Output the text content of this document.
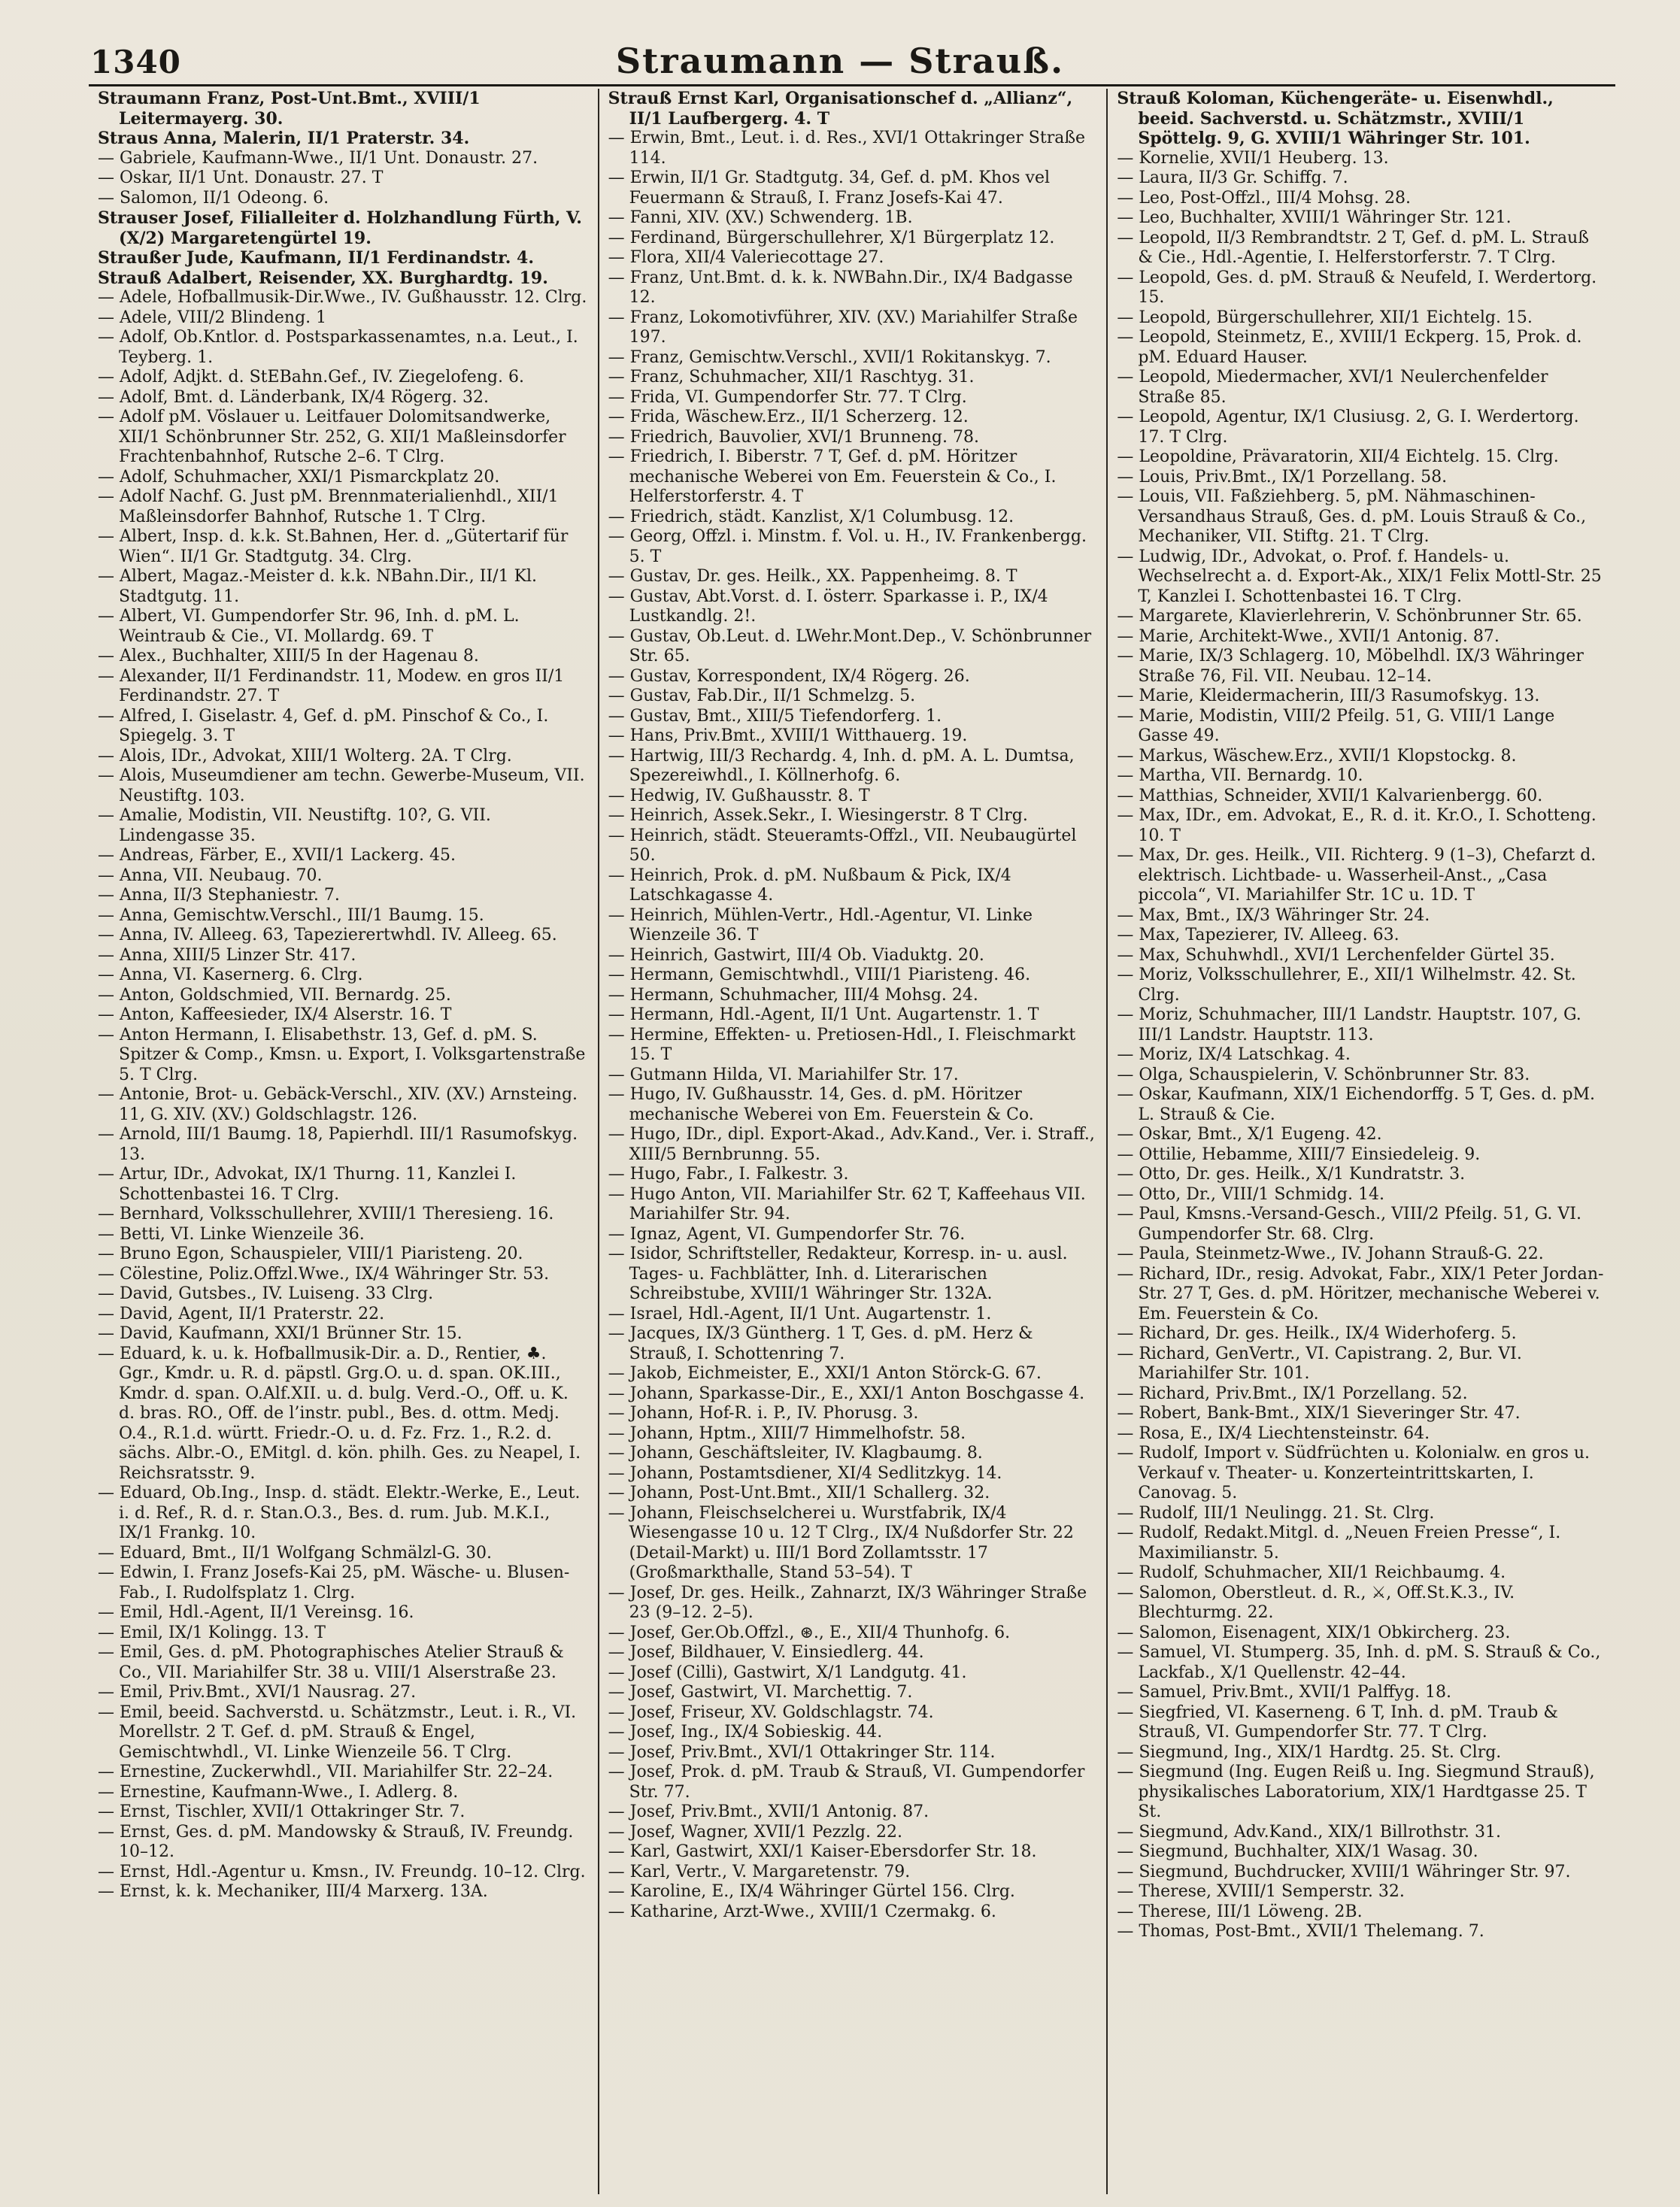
1340	Straumann — Strauß.

Straumann Franz, Post-Unt.Bmt., XVIII/1 Leitermayerg. 30.

Straus Anna, Malerin, II/1 Praterstr. 34.

— Gabriele, Kaufmann-Wwe., II/1 Unt. Donaustr. 27.

— Oskar, II/1 Unt. Donaustr. 27. T

— Salomon, II/1 Odeong. 6.

Strauser Josef, Filialleiter d. Holzhandlung Fürth, V. (X/2) Margaretengürtel 19.

Straußer Jude, Kaufmann, II/1 Ferdinandstr. 4.

Strauß Adalbert, Reisender, XX. Burghardtg. 19.

— Adele, Hofballmusik-Dir.Wwe., IV. Gußhausstr. 12. Clrg.

— Adele, VIII/2 Blindeng. 1

— Adolf, Ob.Kntlor. d. Postsparkassenamtes, n.a. Leut., I. Teyberg. 1.

— Adolf, Adjkt. d. StEBahn.Gef., IV. Ziegelofeng. 6.

— Adolf, Bmt. d. Länderbank, IX/4 Rögerg. 32.

— Adolf pM. Vöslauer u. Leitfauer Dolomitsandwerke, XII/1 Schönbrunner Str. 252, G. XII/1 Maßleinsdorfer Frachtenbahnhof, Rutsche 2–6. T Clrg.

— Adolf, Schuhmacher, XXI/1 Pismarckplatz 20.

— Adolf Nachf. G. Just pM. Brennmaterialienhdl., XII/1 Maßleinsdorfer Bahnhof, Rutsche 1. T Clrg.

— Albert, Insp. d. k.k. St.Bahnen, Her. d. „Gütertarif für Wien“. II/1 Gr. Stadtgutg. 34. Clrg.

— Albert, Magaz.-Meister d. k.k. NBahn.Dir., II/1 Kl. Stadtgutg. 11.

— Albert, VI. Gumpendorfer Str. 96, Inh. d. pM. L. Weintraub & Cie., VI. Mollardg. 69. T

— Alex., Buchhalter, XIII/5 In der Hagenau 8.

— Alexander, II/1 Ferdinandstr. 11, Modew. en gros II/1 Ferdinandstr. 27. T

— Alfred, I. Giselastr. 4, Gef. d. pM. Pinschof & Co., I. Spiegelg. 3. T

— Alois, IDr., Advokat, XIII/1 Wolterg. 2A. T Clrg.

— Alois, Museumdiener am techn. Gewerbe-Museum, VII. Neustiftg. 103.

— Amalie, Modistin, VII. Neustiftg. 10?, G. VII. Lindengasse 35.

— Andreas, Färber, E., XVII/1 Lackerg. 45.

— Anna, VII. Neubaug. 70.

— Anna, II/3 Stephaniestr. 7.

— Anna, Gemischtw.Verschl., III/1 Baumg. 15.

— Anna, IV. Alleeg. 63, Tapezierertwhdl. IV. Alleeg. 65.

— Anna, XIII/5 Linzer Str. 417.

— Anna, VI. Kasernerg. 6. Clrg.

— Anton, Goldschmied, VII. Bernardg. 25.

— Anton, Kaffeesieder, IX/4 Alserstr. 16. T

— Anton Hermann, I. Elisabethstr. 13, Gef. d. pM. S. Spitzer & Comp., Kmsn. u. Export, I. Volksgartenstraße 5. T Clrg.

— Antonie, Brot- u. Gebäck-Verschl., XIV. (XV.) Arnsteing. 11, G. XIV. (XV.) Goldschlagstr. 126.

— Arnold, III/1 Baumg. 18, Papierhdl. III/1 Rasumofskyg. 13.

— Artur, IDr., Advokat, IX/1 Thurng. 11, Kanzlei I. Schottenbastei 16. T Clrg.

— Bernhard, Volksschullehrer, XVIII/1 Theresieng. 16.

— Betti, VI. Linke Wienzeile 36.

— Bruno Egon, Schauspieler, VIII/1 Piaristeng. 20.

— Cölestine, Poliz.Offzl.Wwe., IX/4 Währinger Str. 53.

— David, Gutsbes., IV. Luiseng. 33 Clrg.

— David, Agent, II/1 Praterstr. 22.

— David, Kaufmann, XXI/1 Brünner Str. 15.

— Eduard, k. u. k. Hofballmusik-Dir. a. D., Rentier, ♣. Ggr., Kmdr. u. R. d. päpstl. Grg.O. u. d. span. OK.III., Kmdr. d. span. O.Alf.XII. u. d. bulg. Verd.-O., Off. u. K. d. bras. RO., Off. de l’instr. publ., Bes. d. ottm. Medj. O.4., R.1.d. württ. Friedr.-O. u. d. Fz. Frz. 1., R.2. d. sächs. Albr.-O., EMitgl. d. kön. philh. Ges. zu Neapel, I. Reichsratsstr. 9.

— Eduard, Ob.Ing., Insp. d. städt. Elektr.-Werke, E., Leut. i. d. Ref., R. d. r. Stan.O.3., Bes. d. rum. Jub. M.K.I., IX/1 Frankg. 10.

— Eduard, Bmt., II/1 Wolfgang Schmälzl-G. 30.

— Edwin, I. Franz Josefs-Kai 25, pM. Wäsche- u. Blusen-Fab., I. Rudolfsplatz 1. Clrg.

— Emil, Hdl.-Agent, II/1 Vereinsg. 16.

— Emil, IX/1 Kolingg. 13. T

— Emil, Ges. d. pM. Photographisches Atelier Strauß & Co., VII. Mariahilfer Str. 38 u. VIII/1 Alserstraße 23.

— Emil, Priv.Bmt., XVI/1 Nausrag. 27.

— Emil, beeid. Sachverstd. u. Schätzmstr., Leut. i. R., VI. Morellstr. 2 T. Gef. d. pM. Strauß & Engel, Gemischtwhdl., VI. Linke Wienzeile 56. T Clrg.

— Ernestine, Zuckerwhdl., VII. Mariahilfer Str. 22–24.

— Ernestine, Kaufmann-Wwe., I. Adlerg. 8.

— Ernst, Tischler, XVII/1 Ottakringer Str. 7.

— Ernst, Ges. d. pM. Mandowsky & Strauß, IV. Freundg. 10–12.

— Ernst, Hdl.-Agentur u. Kmsn., IV. Freundg. 10–12. Clrg.

— Ernst, k. k. Mechaniker, III/4 Marxerg. 13A.

Strauß Ernst Karl, Organisationschef d. „Allianz“, II/1 Laufbergerg. 4. T

— Erwin, Bmt., Leut. i. d. Res., XVI/1 Ottakringer Straße 114.

— Erwin, II/1 Gr. Stadtgutg. 34, Gef. d. pM. Khos vel Feuermann & Strauß, I. Franz Josefs-Kai 47.

— Fanni, XIV. (XV.) Schwenderg. 1B.

— Ferdinand, Bürgerschullehrer, X/1 Bürgerplatz 12.

— Flora, XII/4 Valeriecottage 27.

— Franz, Unt.Bmt. d. k. k. NWBahn.Dir., IX/4 Badgasse 12.

— Franz, Lokomotivführer, XIV. (XV.) Mariahilfer Straße 197.

— Franz, Gemischtw.Verschl., XVII/1 Rokitanskyg. 7.

— Franz, Schuhmacher, XII/1 Raschtyg. 31.

— Frida, VI. Gumpendorfer Str. 77. T Clrg.

— Frida, Wäschew.Erz., II/1 Scherzerg. 12.

— Friedrich, Bauvolier, XVI/1 Brunneng. 78.

— Friedrich, I. Biberstr. 7 T, Gef. d. pM. Höritzer mechanische Weberei von Em. Feuerstein & Co., I. Helferstorferstr. 4. T

— Friedrich, städt. Kanzlist, X/1 Columbusg. 12.

— Georg, Offzl. i. Minstm. f. Vol. u. H., IV. Frankenbergg. 5. T

— Gustav, Dr. ges. Heilk., XX. Pappenheimg. 8. T

— Gustav, Abt.Vorst. d. I. österr. Sparkasse i. P., IX/4 Lustkandlg. 2!.

— Gustav, Ob.Leut. d. LWehr.Mont.Dep., V. Schönbrunner Str. 65.

— Gustav, Korrespondent, IX/4 Rögerg. 26.

— Gustav, Fab.Dir., II/1 Schmelzg. 5.

— Gustav, Bmt., XIII/5 Tiefendorferg. 1.

— Hans, Priv.Bmt., XVIII/1 Witthauerg. 19.

— Hartwig, III/3 Rechardg. 4, Inh. d. pM. A. L. Dumtsa, Spezereiwhdl., I. Köllnerhofg. 6.

— Hedwig, IV. Gußhausstr. 8. T

— Heinrich, Assek.Sekr., I. Wiesingerstr. 8 T Clrg.

— Heinrich, städt. Steueramts-Offzl., VII. Neubaugürtel 50.

— Heinrich, Prok. d. pM. Nußbaum & Pick, IX/4 Latschkagasse 4.

— Heinrich, Mühlen-Vertr., Hdl.-Agentur, VI. Linke Wienzeile 36. T

— Heinrich, Gastwirt, III/4 Ob. Viaduktg. 20.

— Hermann, Gemischtwhdl., VIII/1 Piaristeng. 46.

— Hermann, Schuhmacher, III/4 Mohsg. 24.

— Hermann, Hdl.-Agent, II/1 Unt. Augartenstr. 1. T

— Hermine, Effekten- u. Pretiosen-Hdl., I. Fleischmarkt 15. T

— Gutmann Hilda, VI. Mariahilfer Str. 17.

— Hugo, IV. Gußhausstr. 14, Ges. d. pM. Höritzer mechanische Weberei von Em. Feuerstein & Co.

— Hugo, IDr., dipl. Export-Akad., Adv.Kand., Ver. i. Straff., XIII/5 Bernbrunng. 55.

— Hugo, Fabr., I. Falkestr. 3.

— Hugo Anton, VII. Mariahilfer Str. 62 T, Kaffeehaus VII. Mariahilfer Str. 94.

— Ignaz, Agent, VI. Gumpendorfer Str. 76.

— Isidor, Schriftsteller, Redakteur, Korresp. in- u. ausl. Tages- u. Fachblätter, Inh. d. Literarischen Schreibstube, XVIII/1 Währinger Str. 132A.

— Israel, Hdl.-Agent, II/1 Unt. Augartenstr. 1.

— Jacques, IX/3 Güntherg. 1 T, Ges. d. pM. Herz & Strauß, I. Schottenring 7.

— Jakob, Eichmeister, E., XXI/1 Anton Störck-G. 67.

— Johann, Sparkasse-Dir., E., XXI/1 Anton Boschgasse 4.

— Johann, Hof-R. i. P., IV. Phorusg. 3.

— Johann, Hptm., XIII/7 Himmelhofstr. 58.

— Johann, Geschäftsleiter, IV. Klagbaumg. 8.

— Johann, Postamtsdiener, XI/4 Sedlitzkyg. 14.

— Johann, Post-Unt.Bmt., XII/1 Schallerg. 32.

— Johann, Fleischselcherei u. Wurstfabrik, IX/4 Wiesengasse 10 u. 12 T Clrg., IX/4 Nußdorfer Str. 22 (Detail-Markt) u. III/1 Bord Zollamtsstr. 17 (Großmarkthalle, Stand 53–54). T

— Josef, Dr. ges. Heilk., Zahnarzt, IX/3 Währinger Straße 23 (9–12. 2–5).

— Josef, Ger.Ob.Offzl., ⊛., E., XII/4 Thunhofg. 6.

— Josef, Bildhauer, V. Einsiedlerg. 44.

— Josef (Cilli), Gastwirt, X/1 Landgutg. 41.

— Josef, Gastwirt, VI. Marchettig. 7.

— Josef, Friseur, XV. Goldschlagstr. 74.

— Josef, Ing., IX/4 Sobieskig. 44.

— Josef, Priv.Bmt., XVI/1 Ottakringer Str. 114.

— Josef, Prok. d. pM. Traub & Strauß, VI. Gumpendorfer Str. 77.

— Josef, Priv.Bmt., XVII/1 Antonig. 87.

— Josef, Wagner, XVII/1 Pezzlg. 22.

— Karl, Gastwirt, XXI/1 Kaiser-Ebersdorfer Str. 18.

— Karl, Vertr., V. Margaretenstr. 79.

— Karoline, E., IX/4 Währinger Gürtel 156. Clrg.

— Katharine, Arzt-Wwe., XVIII/1 Czermakg. 6.

Strauß Koloman, Küchengeräte- u. Eisenwhdl., beeid. Sachverstd. u. Schätzmstr., XVIII/1 Spöttelg. 9, G. XVIII/1 Währinger Str. 101.

— Kornelie, XVII/1 Heuberg. 13.

— Laura, II/3 Gr. Schiffg. 7.

— Leo, Post-Offzl., III/4 Mohsg. 28.

— Leo, Buchhalter, XVIII/1 Währinger Str. 121.

— Leopold, II/3 Rembrandtstr. 2 T, Gef. d. pM. L. Strauß & Cie., Hdl.-Agentie, I. Helferstorferstr. 7. T Clrg.

— Leopold, Ges. d. pM. Strauß & Neufeld, I. Werdertorg. 15.

— Leopold, Bürgerschullehrer, XII/1 Eichtelg. 15.

— Leopold, Steinmetz, E., XVIII/1 Eckperg. 15, Prok. d. pM. Eduard Hauser.

— Leopold, Miedermacher, XVI/1 Neulerchenfelder Straße 85.

— Leopold, Agentur, IX/1 Clusiusg. 2, G. I. Werdertorg. 17. T Clrg.

— Leopoldine, Prävaratorin, XII/4 Eichtelg. 15. Clrg.

— Louis, Priv.Bmt., IX/1 Porzellang. 58.

— Louis, VII. Faßziehberg. 5, pM. Nähmaschinen-Versandhaus Strauß, Ges. d. pM. Louis Strauß & Co., Mechaniker, VII. Stiftg. 21. T Clrg.

— Ludwig, IDr., Advokat, o. Prof. f. Handels- u. Wechselrecht a. d. Export-Ak., XIX/1 Felix Mottl-Str. 25 T, Kanzlei I. Schottenbastei 16. T Clrg.

— Margarete, Klavierlehrerin, V. Schönbrunner Str. 65.

— Marie, Architekt-Wwe., XVII/1 Antonig. 87.

— Marie, IX/3 Schlagerg. 10, Möbelhdl. IX/3 Währinger Straße 76, Fil. VII. Neubau. 12–14.

— Marie, Kleidermacherin, III/3 Rasumofskyg. 13.

— Marie, Modistin, VIII/2 Pfeilg. 51, G. VIII/1 Lange Gasse 49.

— Markus, Wäschew.Erz., XVII/1 Klopstockg. 8.

— Martha, VII. Bernardg. 10.

— Matthias, Schneider, XVII/1 Kalvarienbergg. 60.

— Max, IDr., em. Advokat, E., R. d. it. Kr.O., I. Schotteng. 10. T

— Max, Dr. ges. Heilk., VII. Richterg. 9 (1–3), Chefarzt d. elektrisch. Lichtbade- u. Wasserheil-Anst., „Casa piccola“, VI. Mariahilfer Str. 1C u. 1D. T

— Max, Bmt., IX/3 Währinger Str. 24.

— Max, Tapezierer, IV. Alleeg. 63.

— Max, Schuhwhdl., XVI/1 Lerchenfelder Gürtel 35.

— Moriz, Volksschullehrer, E., XII/1 Wilhelmstr. 42. St. Clrg.

— Moriz, Schuhmacher, III/1 Landstr. Hauptstr. 107, G. III/1 Landstr. Hauptstr. 113.

— Moriz, IX/4 Latschkag. 4.

— Olga, Schauspielerin, V. Schönbrunner Str. 83.

— Oskar, Kaufmann, XIX/1 Eichendorffg. 5 T, Ges. d. pM. L. Strauß & Cie.

— Oskar, Bmt., X/1 Eugeng. 42.

— Ottilie, Hebamme, XIII/7 Einsiedeleig. 9.

— Otto, Dr. ges. Heilk., X/1 Kundratstr. 3.

— Otto, Dr., VIII/1 Schmidg. 14.

— Paul, Kmsns.-Versand-Gesch., VIII/2 Pfeilg. 51, G. VI. Gumpendorfer Str. 68. Clrg.

— Paula, Steinmetz-Wwe., IV. Johann Strauß-G. 22.

— Richard, IDr., resig. Advokat, Fabr., XIX/1 Peter Jordan-Str. 27 T, Ges. d. pM. Höritzer, mechanische Weberei v. Em. Feuerstein & Co.

— Richard, Dr. ges. Heilk., IX/4 Widerhoferg. 5.

— Richard, GenVertr., VI. Capistrang. 2, Bur. VI. Mariahilfer Str. 101.

— Richard, Priv.Bmt., IX/1 Porzellang. 52.

— Robert, Bank-Bmt., XIX/1 Sieveringer Str. 47.

— Rosa, E., IX/4 Liechtensteinstr. 64.

— Rudolf, Import v. Südfrüchten u. Kolonialw. en gros u. Verkauf v. Theater- u. Konzerteintrittskarten, I. Canovag. 5.

— Rudolf, III/1 Neulingg. 21. St. Clrg.

— Rudolf, Redakt.Mitgl. d. „Neuen Freien Presse“, I. Maximilianstr. 5.

— Rudolf, Schuhmacher, XII/1 Reichbaumg. 4.

— Salomon, Oberstleut. d. R., ⚔, Off.St.K.3., IV. Blechturmg. 22.

— Salomon, Eisenagent, XIX/1 Obkircherg. 23.

— Samuel, VI. Stumperg. 35, Inh. d. pM. S. Strauß & Co., Lackfab., X/1 Quellenstr. 42–44.

— Samuel, Priv.Bmt., XVII/1 Palffyg. 18.

— Siegfried, VI. Kaserneng. 6 T, Inh. d. pM. Traub & Strauß, VI. Gumpendorfer Str. 77. T Clrg.

— Siegmund, Ing., XIX/1 Hardtg. 25. St. Clrg.

— Siegmund (Ing. Eugen Reiß u. Ing. Siegmund Strauß), physikalisches Laboratorium, XIX/1 Hardtgasse 25. T St.

— Siegmund, Adv.Kand., XIX/1 Billrothstr. 31.

— Siegmund, Buchhalter, XIX/1 Wasag. 30.

— Siegmund, Buchdrucker, XVIII/1 Währinger Str. 97.

— Therese, XVIII/1 Semperstr. 32.

— Therese, III/1 Löweng. 2B.

— Thomas, Post-Bmt., XVII/1 Thelemang. 7.
